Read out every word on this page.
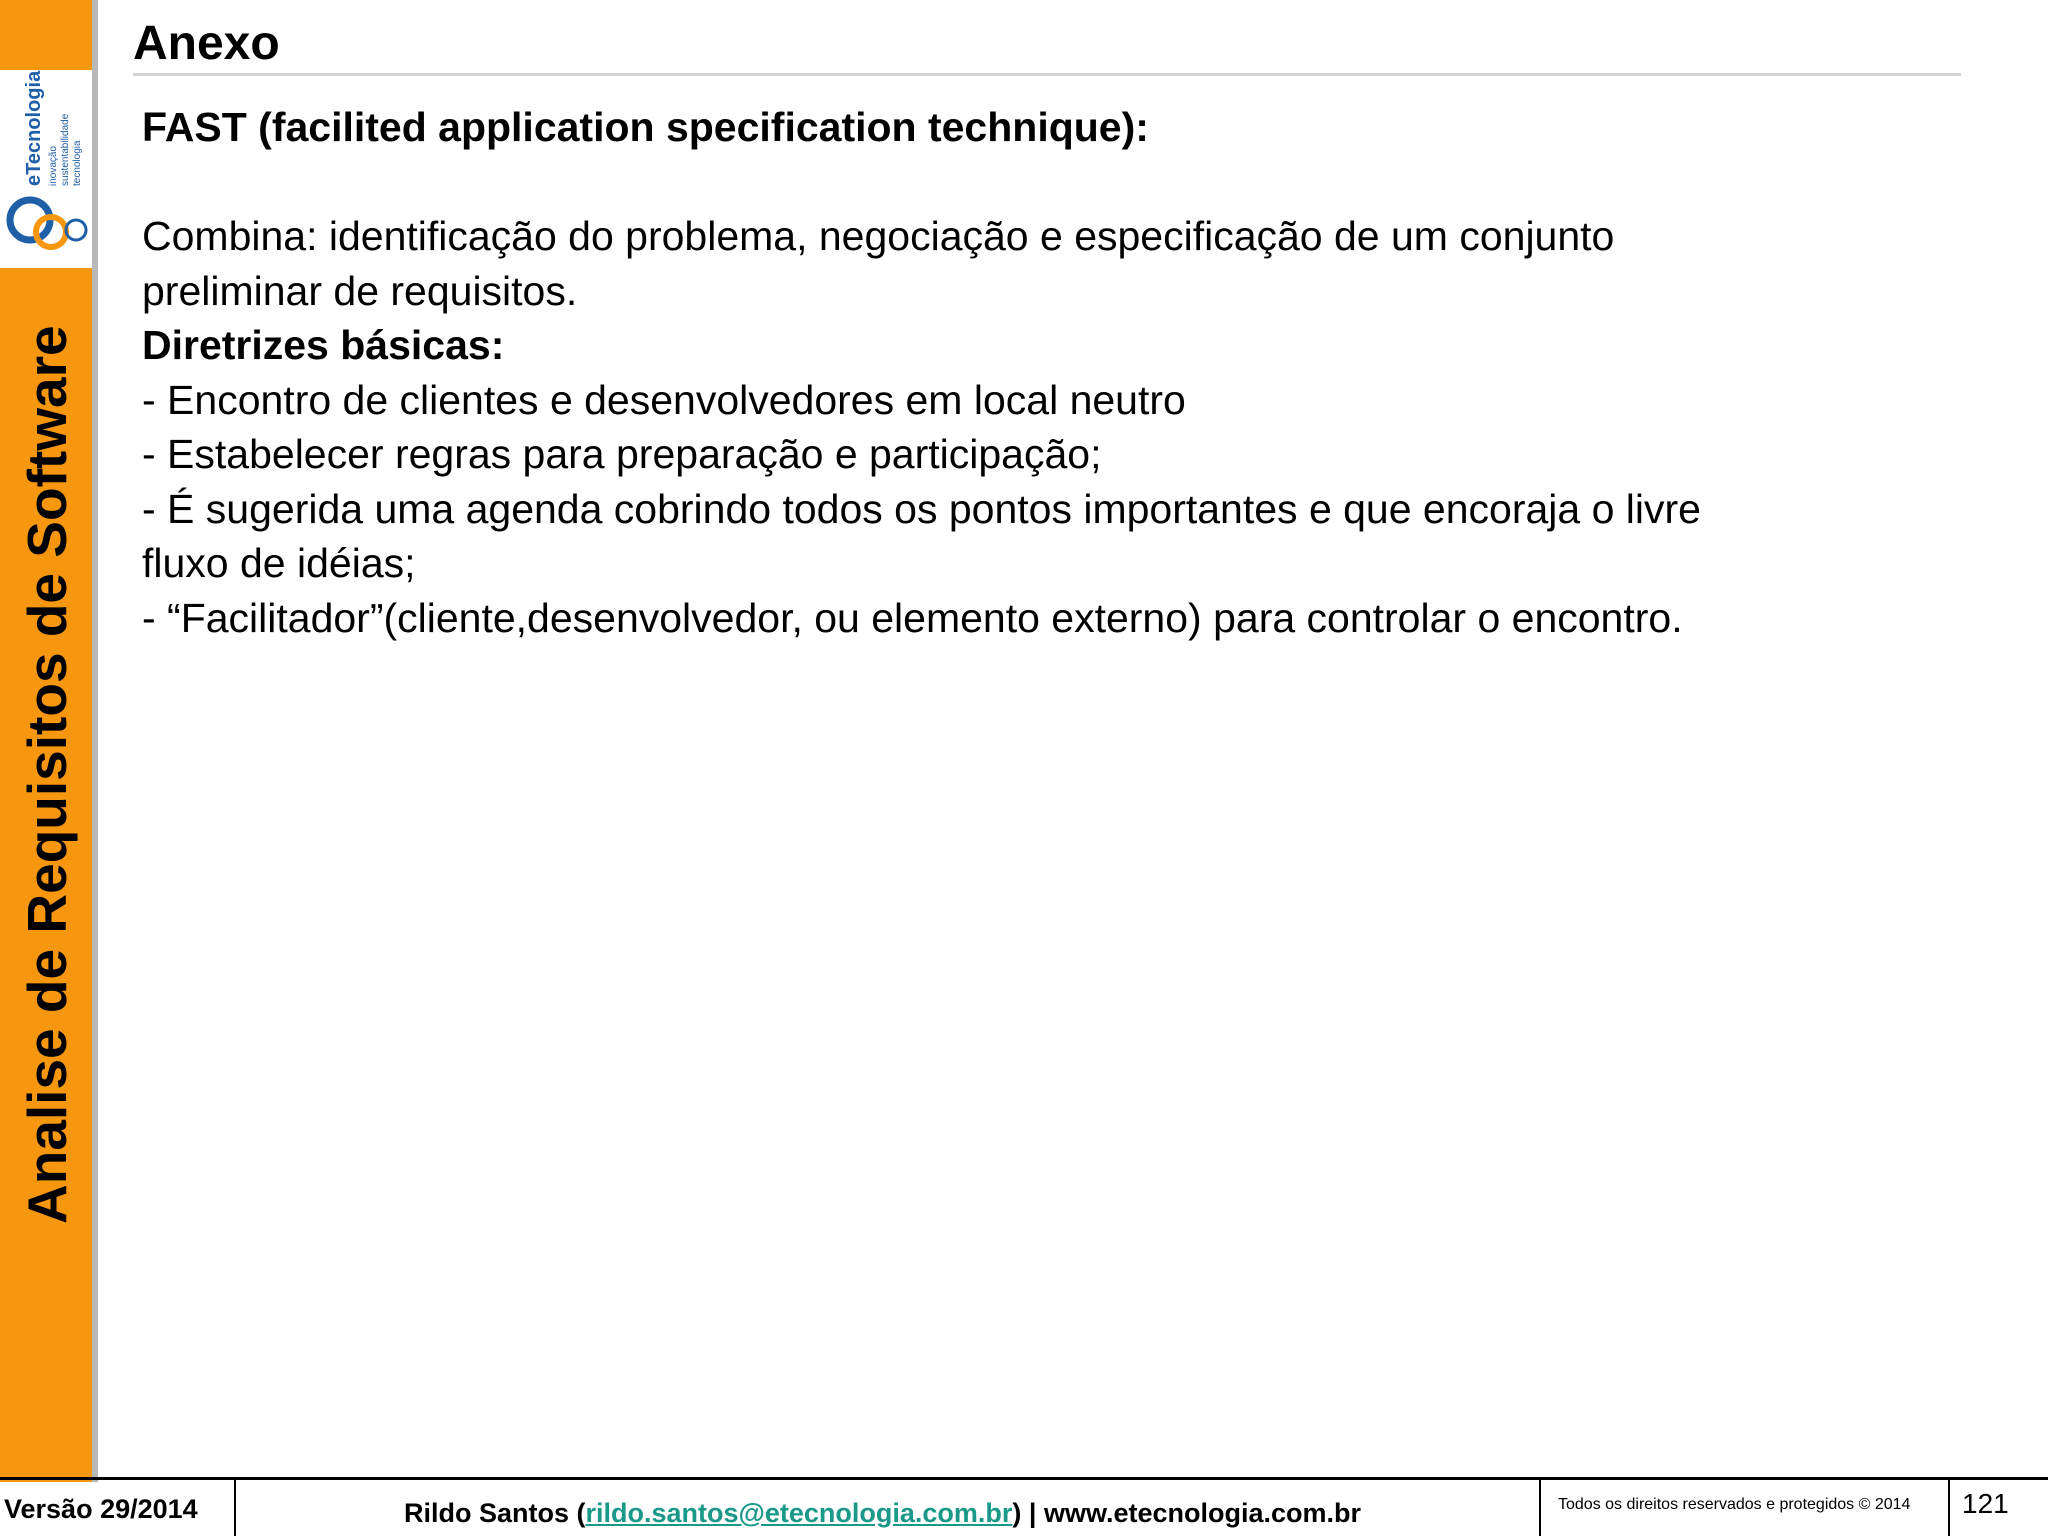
eTecnologia inovação sustentabilidade tecnologia
Analise de Requisitos de Software
Anexo

FAST (facilited application specification technique):

Combina: identificação do problema, negociação e especificação de um conjunto

preliminar de requisitos.

Diretrizes básicas:

- Encontro de clientes e desenvolvedores em local neutro

- Estabelecer regras para preparação e participação;

- É sugerida uma agenda cobrindo todos os pontos importantes e que encoraja o livre

fluxo de idéias;

- “Facilitador”(cliente,desenvolvedor, ou elemento externo) para controlar o encontro.

Versão 29/2014	Rildo Santos (rildo.santos@etecnologia.com.br) | www.etecnologia.com.br	Todos os direitos reservados e protegidos © 2014 121
